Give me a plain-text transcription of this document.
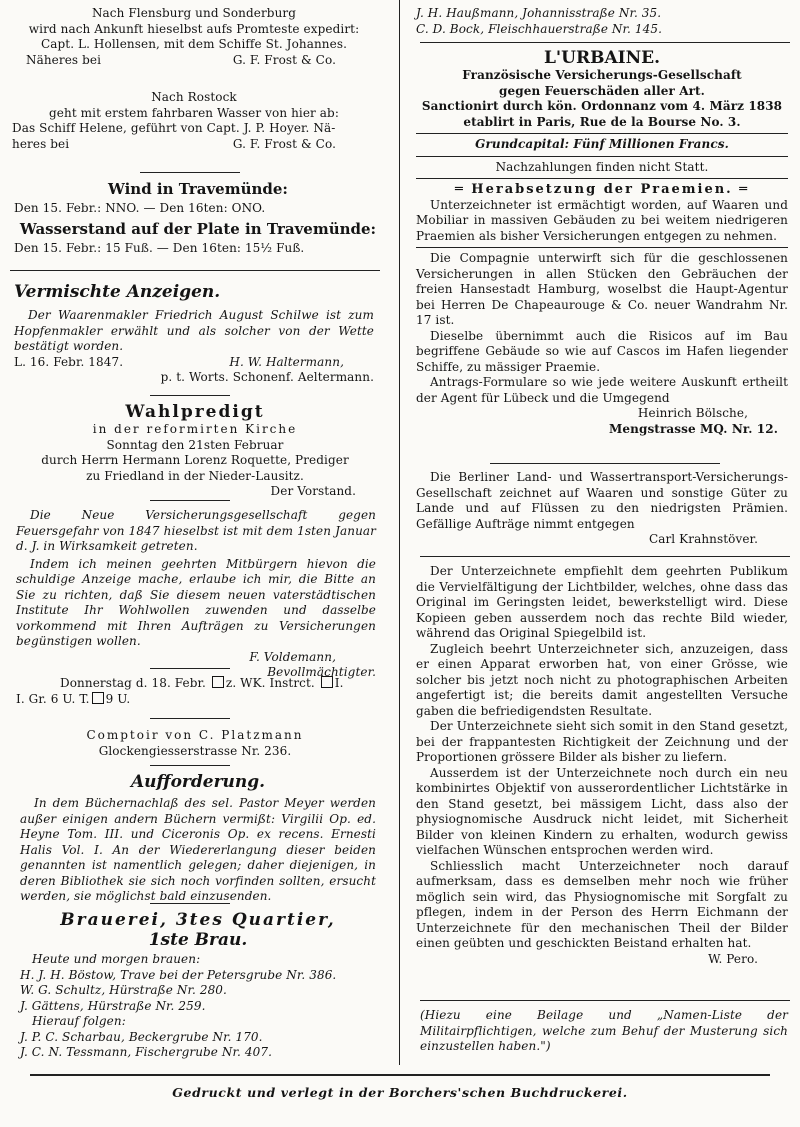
Nach Flensburg und Sonderburg

wird nach Ankunft hieselbst aufs Promteste expedirt:

Capt. L. Hollensen, mit dem Schiffe St. Johannes.

Näheres bei	G. F. Frost & Co.

Nach Rostock

geht mit erstem fahrbaren Wasser von hier ab:

Das Schiff Helene, geführt von Capt. J. P. Hoyer. Nä-

heres bei	G. F. Frost & Co.

Wind in Travemünde:

Den 15. Febr.: NNO. — Den 16ten: ONO.

Wasserstand auf der Plate in Travemünde:

Den 15. Febr.: 15 Fuß. — Den 16ten: 15½ Fuß.

Vermischte Anzeigen.

Der Waarenmakler Friedrich August Schilwe ist zum Hopfenmakler erwählt und als solcher von der Wette bestätigt worden.

L. 16. Febr. 1847.	H. W. Haltermann,

p. t. Worts. Schonenf. Aeltermann.

Wahlpredigt

in der reformirten Kirche

Sonntag den 21sten Februar

durch Herrn Hermann Lorenz Roquette, Prediger

zu Friedland in der Nieder-Lausitz.

Der Vorstand.

Die Neue Versicherungsgesellschaft gegen Feuersgefahr von 1847 hieselbst ist mit dem 1sten Januar d. J. in Wirksamkeit getreten.

Indem ich meinen geehrten Mitbürgern hievon die schuldige Anzeige mache, erlaube ich mir, die Bitte an Sie zu richten, daß Sie diesem neuen vaterstädtischen Institute Ihr Wohlwollen zuwenden und dasselbe vorkommend mit Ihren Aufträgen zu Versicherungen begünstigen wollen.

F. Voldemann,

Bevollmächtigter.

Donnerstag d. 18. Febr. z. WK. Instrct. I.

I. Gr. 6 U. T. 9 U.

Comptoir von C. Platzmann

Glockengiesserstrasse Nr. 236.

Aufforderung.

In dem Büchernachlaß des sel. Pastor Meyer werden außer einigen andern Büchern vermißt: Virgilii Op. ed. Heyne Tom. III. und Ciceronis Op. ex recens. Ernesti Halis Vol. I. An der Wiedererlangung dieser beiden genannten ist namentlich gelegen; daher diejenigen, in deren Bibliothek sie sich noch vorfinden sollten, ersucht werden, sie möglichst bald einzusenden.

Brauerei, 3tes Quartier,

1ste Brau.

Heute und morgen brauen:

H. J. H. Böstow, Trave bei der Petersgrube Nr. 386.

W. G. Schultz, Hürstraße Nr. 280.

J. Gättens, Hürstraße Nr. 259.

Hierauf folgen:

J. P. C. Scharbau, Beckergrube Nr. 170.

J. C. N. Tessmann, Fischergrube Nr. 407.

J. H. Haußmann, Johannisstraße Nr. 35.

C. D. Bock, Fleischhauerstraße Nr. 145.

L'URBAINE.

Französische Versicherungs-Gesellschaft

gegen Feuerschäden aller Art.

Sanctionirt durch kön. Ordonnanz vom 4. März 1838

etablirt in Paris, Rue de la Bourse No. 3.

Grundcapital: Fünf Millionen Francs.

Nachzahlungen finden nicht Statt.

═ Herabsetzung der Praemien. ═

Unterzeichneter ist ermächtigt worden, auf Waaren und Mobiliar in massiven Gebäuden zu bei weitem niedrigeren Praemien als bisher Versicherungen entgegen zu nehmen.

Die Compagnie unterwirft sich für die geschlossenen Versicherungen in allen Stücken den Gebräuchen der freien Hansestadt Hamburg, woselbst die Haupt-Agentur bei Herren De Chapeaurouge & Co. neuer Wandrahm Nr. 17 ist.

Dieselbe übernimmt auch die Risicos auf im Bau begriffene Gebäude so wie auf Cascos im Hafen liegender Schiffe, zu mässiger Praemie.

Antrags-Formulare so wie jede weitere Auskunft ertheilt der Agent für Lübeck und die Umgegend

Heinrich Bölsche,

Mengstrasse MQ. Nr. 12.

Die Berliner Land- und Wassertransport-Versicherungs-Gesellschaft zeichnet auf Waaren und sonstige Güter zu Lande und auf Flüssen zu den niedrigsten Prämien. Gefällige Aufträge nimmt entgegen

Carl Krahnstöver.

Der Unterzeichnete empfiehlt dem geehrten Publikum die Vervielfältigung der Lichtbilder, welches, ohne dass das Original im Geringsten leidet, bewerkstelligt wird. Diese Kopieen geben ausserdem noch das rechte Bild wieder, während das Original Spiegelbild ist.

Zugleich beehrt Unterzeichneter sich, anzuzeigen, dass er einen Apparat erworben hat, von einer Grösse, wie solcher bis jetzt noch nicht zu photographischen Arbeiten angefertigt ist; die bereits damit angestellten Versuche gaben die befriedigendsten Resultate.

Der Unterzeichnete sieht sich somit in den Stand gesetzt, bei der frappantesten Richtigkeit der Zeichnung und der Proportionen grössere Bilder als bisher zu liefern.

Ausserdem ist der Unterzeichnete noch durch ein neu kombinirtes Objektif von ausserordentlicher Lichtstärke in den Stand gesetzt, bei mässigem Licht, dass also der physiognomische Ausdruck nicht leidet, mit Sicherheit Bilder von kleinen Kindern zu erhalten, wodurch gewiss vielfachen Wünschen entsprochen werden wird.

Schliesslich macht Unterzeichneter noch darauf aufmerksam, dass es demselben mehr noch wie früher möglich sein wird, das Physiognomische mit Sorgfalt zu pflegen, indem in der Person des Herrn Eichmann der Unterzeichnete für den mechanischen Theil der Bilder einen geübten und geschickten Beistand erhalten hat.

W. Pero.

(Hiezu eine Beilage und „Namen-Liste der Militairpflichtigen, welche zum Behuf der Musterung sich einzustellen haben.")

Gedruckt und verlegt in der Borchers'schen Buchdruckerei.
